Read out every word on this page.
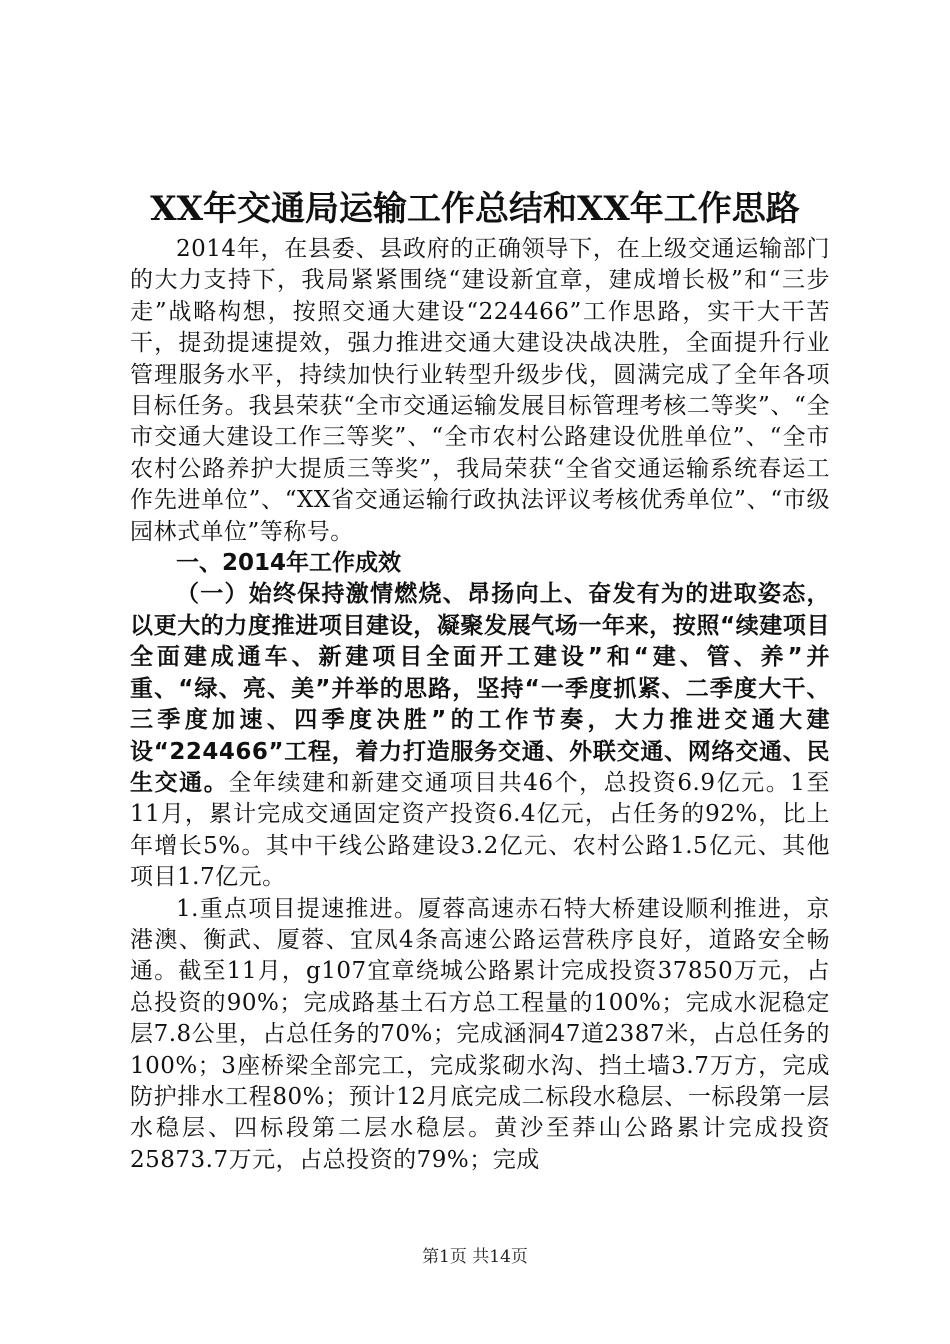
XX年交通局运输工作总结和XX年工作思路

2014年，在县委、县政府的正确领导下，在上级交通运输部门的大力支持下，我局紧紧围绕“建设新宜章，建成增长极”和“三步走”战略构想，按照交通大建设“224466”工作思路，实干大干苦干，提劲提速提效，强力推进交通大建设决战决胜，全面提升行业管理服务水平，持续加快行业转型升级步伐，圆满完成了全年各项目标任务。我县荣获“全市交通运输发展目标管理考核二等奖”、“全市交通大建设工作三等奖”、“全市农村公路建设优胜单位”、“全市农村公路养护大提质三等奖”，我局荣获“全省交通运输系统春运工作先进单位”、“XX省交通运输行政执法评议考核优秀单位”、“市级园林式单位”等称号。

一、2014年工作成效

（一）始终保持激情燃烧、昂扬向上、奋发有为的进取姿态，以更大的力度推进项目建设，凝聚发展气场一年来，按照“续建项目全面建成通车、新建项目全面开工建设”和“建、管、养”并重、“绿、亮、美”并举的思路，坚持“一季度抓紧、二季度大干、三季度加速、四季度决胜”的工作节奏，大力推进交通大建设“224466”工程，着力打造服务交通、外联交通、网络交通、民生交通。全年续建和新建交通项目共46个，总投资6.9亿元。1至11月，累计完成交通固定资产投资6.4亿元，占任务的92%，比上年增长5%。其中干线公路建设3.2亿元、农村公路1.5亿元、其他项目1.7亿元。

1.重点项目提速推进。厦蓉高速赤石特大桥建设顺利推进，京港澳、衡武、厦蓉、宜凤4条高速公路运营秩序良好，道路安全畅通。截至11月，g107宜章绕城公路累计完成投资37850万元，占总投资的90%；完成路基土石方总工程量的100%；完成水泥稳定层7.8公里，占总任务的70%；完成涵洞47道2387米，占总任务的100%；3座桥梁全部完工，完成浆砌水沟、挡土墙3.7万方，完成防护排水工程80%；预计12月底完成二标段水稳层、一标段第一层水稳层、四标段第二层水稳层。黄沙至莽山公路累计完成投资25873.7万元，占总投资的79%；完成

第1页 共14页
